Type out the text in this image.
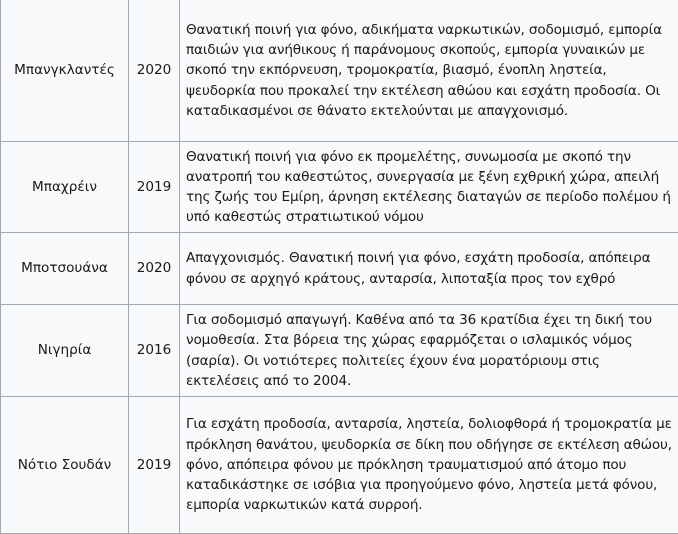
Μπανγκλαντές	2020	Θανατική ποινή για φόνο, αδικήματα ναρκωτικών, σοδομισμό, εμπορία παιδιών για ανήθικους ή παράνομους σκοπούς, εμπορία γυναικών με σκοπό την εκπόρνευση, τρομοκρατία, βιασμό, ένοπλη ληστεία, ψευδορκία που προκαλεί την εκτέλεση αθώου και εσχάτη προδοσία. Οι καταδικασμένοι σε θάνατο εκτελούνται με απαγχονισμό.
Μπαχρέιν	2019	Θανατική ποινή για φόνο εκ προμελέτης, συνωμοσία με σκοπό την ανατροπή του καθεστώτος, συνεργασία με ξένη εχθρική χώρα, απειλή της ζωής του Εμίρη, άρνηση εκτέλεσης διαταγών σε περίοδο πολέμου ή υπό καθεστώς στρατιωτικού νόμου
Μποτσουάνα	2020	Απαγχονισμός. Θανατική ποινή για φόνο, εσχάτη προδοσία, απόπειρα φόνου σε αρχηγό κράτους, ανταρσία, λιποταξία προς τον εχθρό
Νιγηρία	2016	Για σοδομισμό απαγωγή. Καθένα από τα 36 κρατίδια έχει τη δική του νομοθεσία. Στα βόρεια της χώρας εφαρμόζεται ο ισλαμικός νόμος (σαρία). Οι νοτιότερες πολιτείες έχουν ένα μορατόριουμ στις εκτελέσεις από το 2004.
Νότιο Σουδάν	2019	Για εσχάτη προδοσία, ανταρσία, ληστεία, δολιοφθορά ή τρομοκρατία με πρόκληση θανάτου, ψευδορκία σε δίκη που οδήγησε σε εκτέλεση αθώου, φόνο, απόπειρα φόνου με πρόκληση τραυματισμού από άτομο που καταδικάστηκε σε ισόβια για προηγούμενο φόνο, ληστεία μετά φόνου, εμπορία ναρκωτικών κατά συρροή.
